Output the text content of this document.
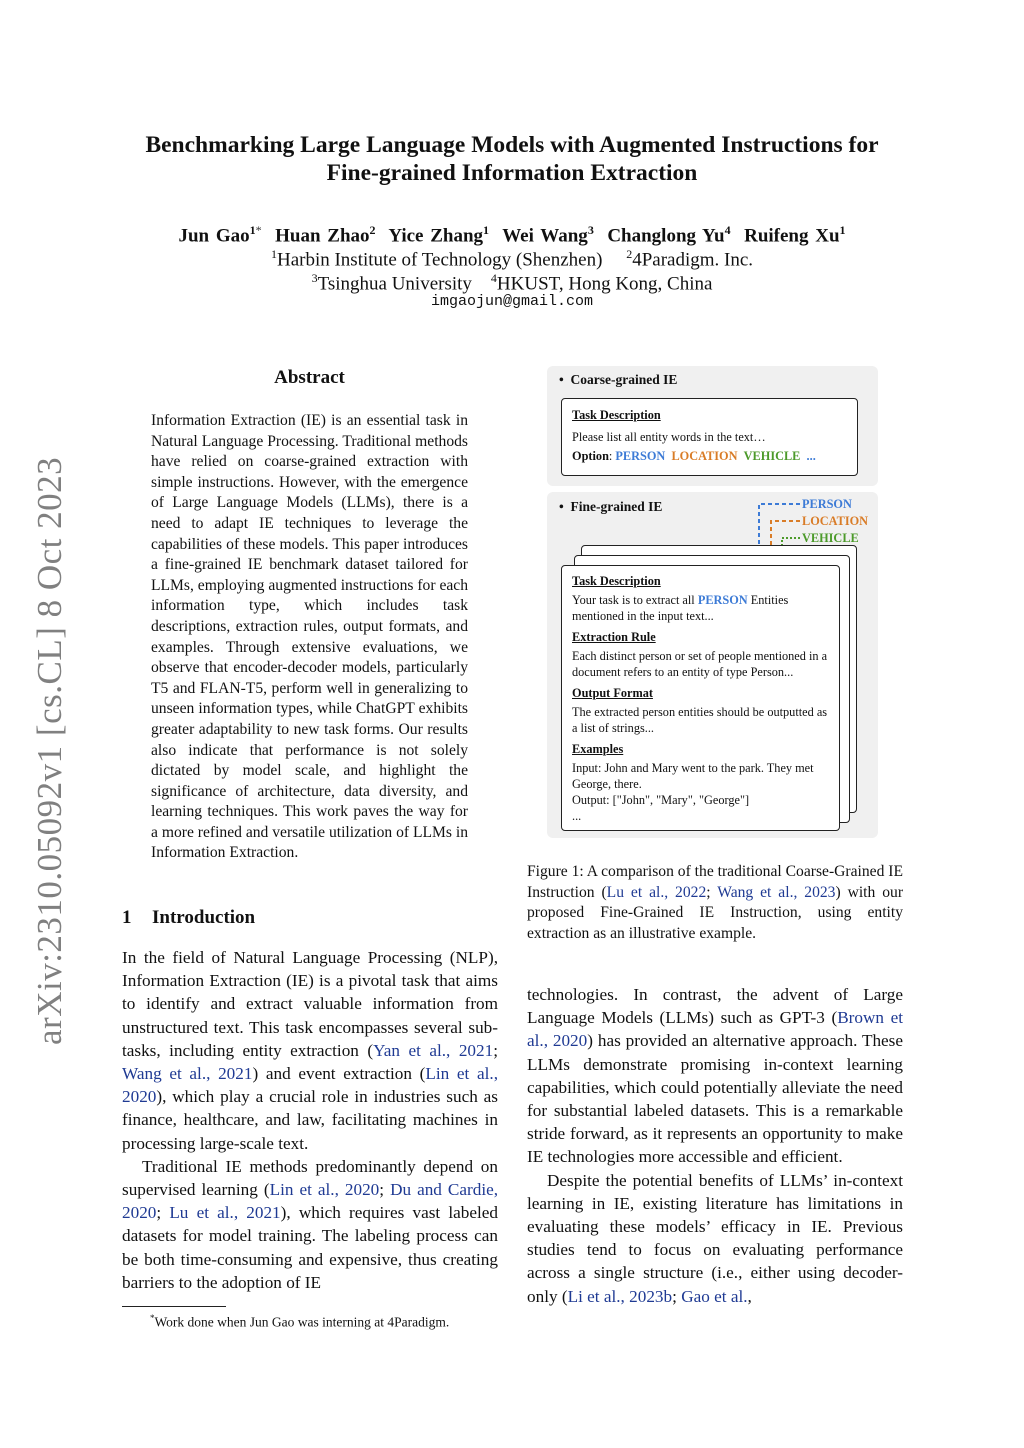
arXiv:2310.05092v1 [cs.CL] 8 Oct 2023
Benchmarking Large Language Models with Augmented Instructions for
Fine-grained Information Extraction
Jun Gao$^{1*}$ Huan Zhao$^2$ Yice Zhang$^1$ Wei Wang$^3$ Changlong Yu$^4$ Ruifeng Xu$^1$
$^1$Harbin Institute of Technology (Shenzhen) $^2$4Paradigm. Inc.
$^3$Tsinghua University $^4$HKUST, Hong Kong, China
imgaojun@gmail.com
Abstract
Information Extraction (IE) is an essential task in Natural Language Processing. Traditional methods have relied on coarse-grained extraction with simple instructions. However, with the emergence of Large Language Models (LLMs), there is a need to adapt IE techniques to leverage the capabilities of these models. This paper introduces a fine-grained IE benchmark dataset tailored for LLMs, employing augmented instructions for each information type, which includes task descriptions, extraction rules, output formats, and examples. Through extensive evaluations, we observe that encoder-decoder models, particularly T5 and FLAN-T5, perform well in generalizing to unseen information types, while ChatGPT exhibits greater adaptability to new task forms. Our results also indicate that performance is not solely dictated by model scale, and highlight the significance of architecture, data diversity, and learning techniques. This work paves the way for a more refined and versatile utilization of LLMs in Information Extraction.
1 Introduction

In the field of Natural Language Processing (NLP), Information Extraction (IE) is a pivotal task that aims to identify and extract valuable information from unstructured text. This task encompasses several sub-tasks, including entity extraction (Yan et al., 2021; Wang et al., 2021) and event extraction (Lin et al., 2020), which play a crucial role in industries such as finance, healthcare, and law, facilitating machines in processing large-scale text.

Traditional IE methods predominantly depend on supervised learning (Lin et al., 2020; Du and Cardie, 2020; Lu et al., 2021), which requires vast labeled datasets for model training. The labeling process can be both time-consuming and expensive, thus creating barriers to the adoption of IE

*Work done when Jun Gao was interning at 4Paradigm.
•  Coarse-grained IE

Task Description

Please list all entity words in the text…

Option: PERSON LOCATION VEHICLE ...

•  Fine-grained IE	PERSON
LOCATION
VEHICLE

Task Description

Your task is to extract all PERSON Entities mentioned in the input text...

Extraction Rule

Each distinct person or set of people mentioned in a document refers to an entity of type Person...

Output Format

The extracted person entities should be outputted as a list of strings...

Examples

Input: John and Mary went to the park. They met George, there.

Output: ["John", "Mary", "George"]

...

Figure 1: A comparison of the traditional Coarse-Grained IE Instruction (Lu et al., 2022; Wang et al., 2023) with our proposed Fine-Grained IE Instruction, using entity extraction as an illustrative example.

technologies. In contrast, the advent of Large Language Models (LLMs) such as GPT-3 (Brown et al., 2020) has provided an alternative approach. These LLMs demonstrate promising in-context learning capabilities, which could potentially alleviate the need for substantial labeled datasets. This is a remarkable stride forward, as it represents an opportunity to make IE technologies more accessible and efficient.

Despite the potential benefits of LLMs’ in-context learning in IE, existing literature has limitations in evaluating these models’ efficacy in IE. Previous studies tend to focus on evaluating performance across a single structure (i.e., either using decoder-only (Li et al., 2023b; Gao et al.,
